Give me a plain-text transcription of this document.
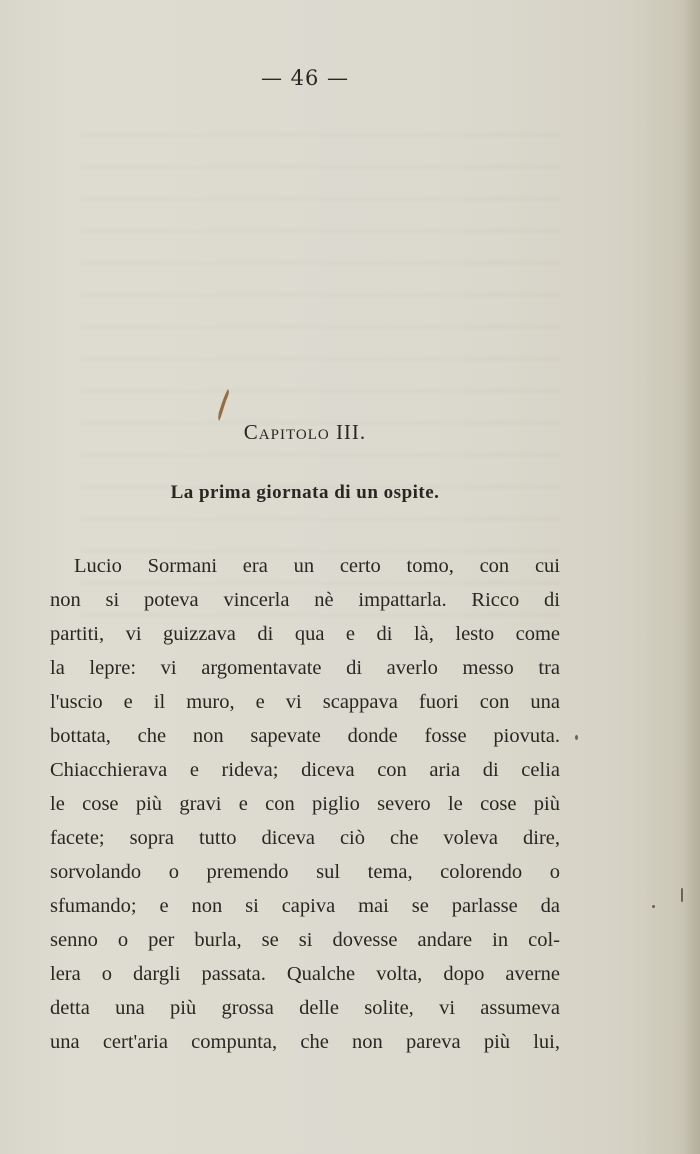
— 46 —
Capitolo III.
La prima giornata di un ospite.
Lucio Sormani era un certo tomo, con cui
non si poteva vincerla nè impattarla. Ricco di
partiti, vi guizzava di qua e di là, lesto come
la lepre: vi argomentavate di averlo messo tra
l'uscio e il muro, e vi scappava fuori con una
bottata, che non sapevate donde fosse piovuta.
Chiacchierava e rideva; diceva con aria di celia
le cose più gravi e con piglio severo le cose più
facete; sopra tutto diceva ciò che voleva dire,
sorvolando o premendo sul tema, colorendo o
sfumando; e non si capiva mai se parlasse da
senno o per burla, se si dovesse andare in col-
lera o dargli passata. Qualche volta, dopo averne
detta una più grossa delle solite, vi assumeva
una cert'aria compunta, che non pareva più lui,
